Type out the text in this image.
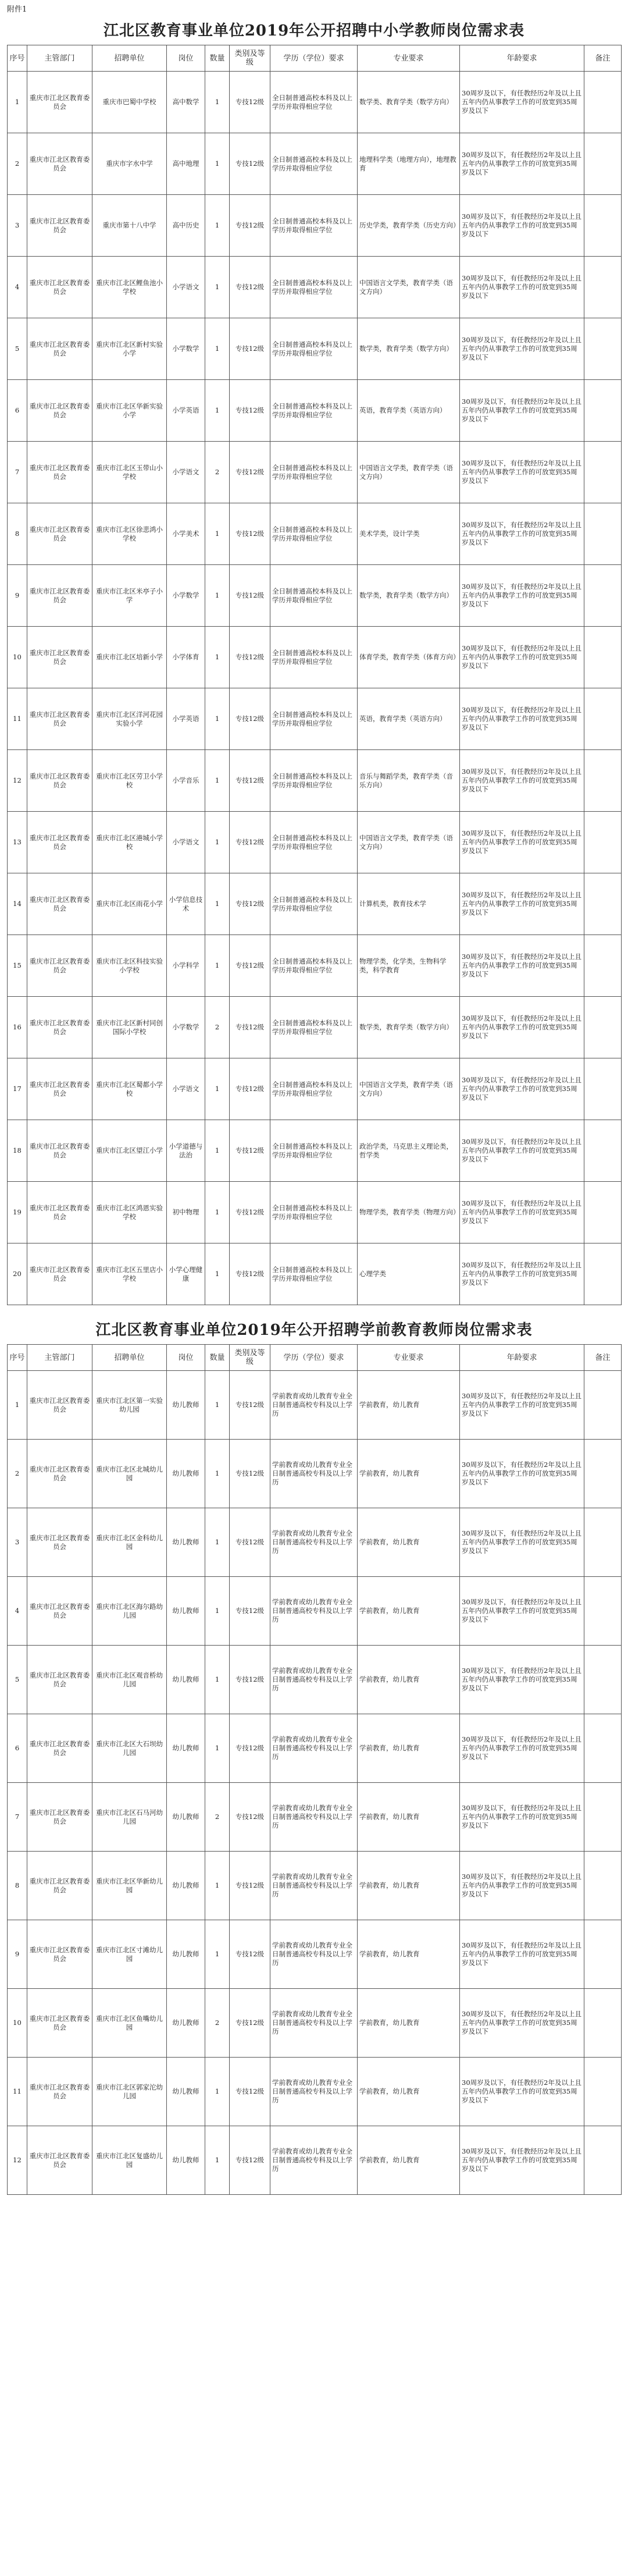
附件1
江北区教育事业单位2019年公开招聘中小学教师岗位需求表
序号	主管部门	招聘单位	岗位	数量	类别及等级	学历（学位）要求	专业要求	年龄要求	备注
1	重庆市江北区教育委员会	重庆市巴蜀中学校	高中数学	1	专技12级	全日制普通高校本科及以上学历并取得相应学位	数学类、教育学类（数学方向）	30周岁及以下，有任教经历2年及以上且五年内仍从事教学工作的可放宽到35周岁及以下	
2	重庆市江北区教育委员会	重庆市字水中学	高中地理	1	专技12级	全日制普通高校本科及以上学历并取得相应学位	地理科学类（地理方向），地理教育	30周岁及以下，有任教经历2年及以上且五年内仍从事教学工作的可放宽到35周岁及以下	
3	重庆市江北区教育委员会	重庆市第十八中学	高中历史	1	专技12级	全日制普通高校本科及以上学历并取得相应学位	历史学类，教育学类（历史方向）	30周岁及以下，有任教经历2年及以上且五年内仍从事教学工作的可放宽到35周岁及以下	
4	重庆市江北区教育委员会	重庆市江北区鲤鱼池小学校	小学语文	1	专技12级	全日制普通高校本科及以上学历并取得相应学位	中国语言文学类，教育学类（语文方向）	30周岁及以下，有任教经历2年及以上且五年内仍从事教学工作的可放宽到35周岁及以下	
5	重庆市江北区教育委员会	重庆市江北区新村实验小学	小学数学	1	专技12级	全日制普通高校本科及以上学历并取得相应学位	数学类，教育学类（数学方向）	30周岁及以下，有任教经历2年及以上且五年内仍从事教学工作的可放宽到35周岁及以下	
6	重庆市江北区教育委员会	重庆市江北区华新实验小学	小学英语	1	专技12级	全日制普通高校本科及以上学历并取得相应学位	英语，教育学类（英语方向）	30周岁及以下，有任教经历2年及以上且五年内仍从事教学工作的可放宽到35周岁及以下	
7	重庆市江北区教育委员会	重庆市江北区玉带山小学校	小学语文	2	专技12级	全日制普通高校本科及以上学历并取得相应学位	中国语言文学类，教育学类（语文方向）	30周岁及以下，有任教经历2年及以上且五年内仍从事教学工作的可放宽到35周岁及以下	
8	重庆市江北区教育委员会	重庆市江北区徐悲鸿小学校	小学美术	1	专技12级	全日制普通高校本科及以上学历并取得相应学位	美术学类，设计学类	30周岁及以下，有任教经历2年及以上且五年内仍从事教学工作的可放宽到35周岁及以下	
9	重庆市江北区教育委员会	重庆市江北区米亭子小学	小学数学	1	专技12级	全日制普通高校本科及以上学历并取得相应学位	数学类，教育学类（数学方向）	30周岁及以下，有任教经历2年及以上且五年内仍从事教学工作的可放宽到35周岁及以下	
10	重庆市江北区教育委员会	重庆市江北区培新小学	小学体育	1	专技12级	全日制普通高校本科及以上学历并取得相应学位	体育学类，教育学类（体育方向）	30周岁及以下，有任教经历2年及以上且五年内仍从事教学工作的可放宽到35周岁及以下	
11	重庆市江北区教育委员会	重庆市江北区洋河花园实验小学	小学英语	1	专技12级	全日制普通高校本科及以上学历并取得相应学位	英语，教育学类（英语方向）	30周岁及以下，有任教经历2年及以上且五年内仍从事教学工作的可放宽到35周岁及以下	
12	重庆市江北区教育委员会	重庆市江北区劳卫小学校	小学音乐	1	专技12级	全日制普通高校本科及以上学历并取得相应学位	音乐与舞蹈学类，教育学类（音乐方向）	30周岁及以下，有任教经历2年及以上且五年内仍从事教学工作的可放宽到35周岁及以下	
13	重庆市江北区教育委员会	重庆市江北区港城小学校	小学语文	1	专技12级	全日制普通高校本科及以上学历并取得相应学位	中国语言文学类，教育学类（语文方向）	30周岁及以下，有任教经历2年及以上且五年内仍从事教学工作的可放宽到35周岁及以下	
14	重庆市江北区教育委员会	重庆市江北区雨花小学	小学信息技术	1	专技12级	全日制普通高校本科及以上学历并取得相应学位	计算机类，教育技术学	30周岁及以下，有任教经历2年及以上且五年内仍从事教学工作的可放宽到35周岁及以下	
15	重庆市江北区教育委员会	重庆市江北区科技实验小学校	小学科学	1	专技12级	全日制普通高校本科及以上学历并取得相应学位	物理学类，化学类，生物科学类，科学教育	30周岁及以下，有任教经历2年及以上且五年内仍从事教学工作的可放宽到35周岁及以下	
16	重庆市江北区教育委员会	重庆市江北区新村同创国际小学校	小学数学	2	专技12级	全日制普通高校本科及以上学历并取得相应学位	数学类，教育学类（数学方向）	30周岁及以下，有任教经历2年及以上且五年内仍从事教学工作的可放宽到35周岁及以下	
17	重庆市江北区教育委员会	重庆市江北区蜀都小学校	小学语文	1	专技12级	全日制普通高校本科及以上学历并取得相应学位	中国语言文学类，教育学类（语文方向）	30周岁及以下，有任教经历2年及以上且五年内仍从事教学工作的可放宽到35周岁及以下	
18	重庆市江北区教育委员会	重庆市江北区望江小学	小学道德与法治	1	专技12级	全日制普通高校本科及以上学历并取得相应学位	政治学类，马克思主义理论类，哲学类	30周岁及以下，有任教经历2年及以上且五年内仍从事教学工作的可放宽到35周岁及以下	
19	重庆市江北区教育委员会	重庆市江北区鸿恩实验学校	初中物理	1	专技12级	全日制普通高校本科及以上学历并取得相应学位	物理学类，教育学类（物理方向）	30周岁及以下，有任教经历2年及以上且五年内仍从事教学工作的可放宽到35周岁及以下	
20	重庆市江北区教育委员会	重庆市江北区五里店小学校	小学心理健康	1	专技12级	全日制普通高校本科及以上学历并取得相应学位	心理学类	30周岁及以下，有任教经历2年及以上且五年内仍从事教学工作的可放宽到35周岁及以下	
江北区教育事业单位2019年公开招聘学前教育教师岗位需求表
序号	主管部门	招聘单位	岗位	数量	类别及等级	学历（学位）要求	专业要求	年龄要求	备注
1	重庆市江北区教育委员会	重庆市江北区第一实验幼儿园	幼儿教师	1	专技12级	学前教育或幼儿教育专业全日制普通高校专科及以上学历	学前教育，幼儿教育	30周岁及以下，有任教经历2年及以上且五年内仍从事教学工作的可放宽到35周岁及以下	
2	重庆市江北区教育委员会	重庆市江北区北城幼儿园	幼儿教师	1	专技12级	学前教育或幼儿教育专业全日制普通高校专科及以上学历	学前教育，幼儿教育	30周岁及以下，有任教经历2年及以上且五年内仍从事教学工作的可放宽到35周岁及以下	
3	重庆市江北区教育委员会	重庆市江北区金科幼儿园	幼儿教师	1	专技12级	学前教育或幼儿教育专业全日制普通高校专科及以上学历	学前教育，幼儿教育	30周岁及以下，有任教经历2年及以上且五年内仍从事教学工作的可放宽到35周岁及以下	
4	重庆市江北区教育委员会	重庆市江北区海尔路幼儿园	幼儿教师	1	专技12级	学前教育或幼儿教育专业全日制普通高校专科及以上学历	学前教育，幼儿教育	30周岁及以下，有任教经历2年及以上且五年内仍从事教学工作的可放宽到35周岁及以下	
5	重庆市江北区教育委员会	重庆市江北区观音桥幼儿园	幼儿教师	1	专技12级	学前教育或幼儿教育专业全日制普通高校专科及以上学历	学前教育，幼儿教育	30周岁及以下，有任教经历2年及以上且五年内仍从事教学工作的可放宽到35周岁及以下	
6	重庆市江北区教育委员会	重庆市江北区大石坝幼儿园	幼儿教师	1	专技12级	学前教育或幼儿教育专业全日制普通高校专科及以上学历	学前教育，幼儿教育	30周岁及以下，有任教经历2年及以上且五年内仍从事教学工作的可放宽到35周岁及以下	
7	重庆市江北区教育委员会	重庆市江北区石马河幼儿园	幼儿教师	2	专技12级	学前教育或幼儿教育专业全日制普通高校专科及以上学历	学前教育，幼儿教育	30周岁及以下，有任教经历2年及以上且五年内仍从事教学工作的可放宽到35周岁及以下	
8	重庆市江北区教育委员会	重庆市江北区华新幼儿园	幼儿教师	1	专技12级	学前教育或幼儿教育专业全日制普通高校专科及以上学历	学前教育，幼儿教育	30周岁及以下，有任教经历2年及以上且五年内仍从事教学工作的可放宽到35周岁及以下	
9	重庆市江北区教育委员会	重庆市江北区寸滩幼儿园	幼儿教师	1	专技12级	学前教育或幼儿教育专业全日制普通高校专科及以上学历	学前教育，幼儿教育	30周岁及以下，有任教经历2年及以上且五年内仍从事教学工作的可放宽到35周岁及以下	
10	重庆市江北区教育委员会	重庆市江北区鱼嘴幼儿园	幼儿教师	2	专技12级	学前教育或幼儿教育专业全日制普通高校专科及以上学历	学前教育，幼儿教育	30周岁及以下，有任教经历2年及以上且五年内仍从事教学工作的可放宽到35周岁及以下	
11	重庆市江北区教育委员会	重庆市江北区郭家沱幼儿园	幼儿教师	1	专技12级	学前教育或幼儿教育专业全日制普通高校专科及以上学历	学前教育，幼儿教育	30周岁及以下，有任教经历2年及以上且五年内仍从事教学工作的可放宽到35周岁及以下	
12	重庆市江北区教育委员会	重庆市江北区复盛幼儿园	幼儿教师	1	专技12级	学前教育或幼儿教育专业全日制普通高校专科及以上学历	学前教育，幼儿教育	30周岁及以下，有任教经历2年及以上且五年内仍从事教学工作的可放宽到35周岁及以下	
